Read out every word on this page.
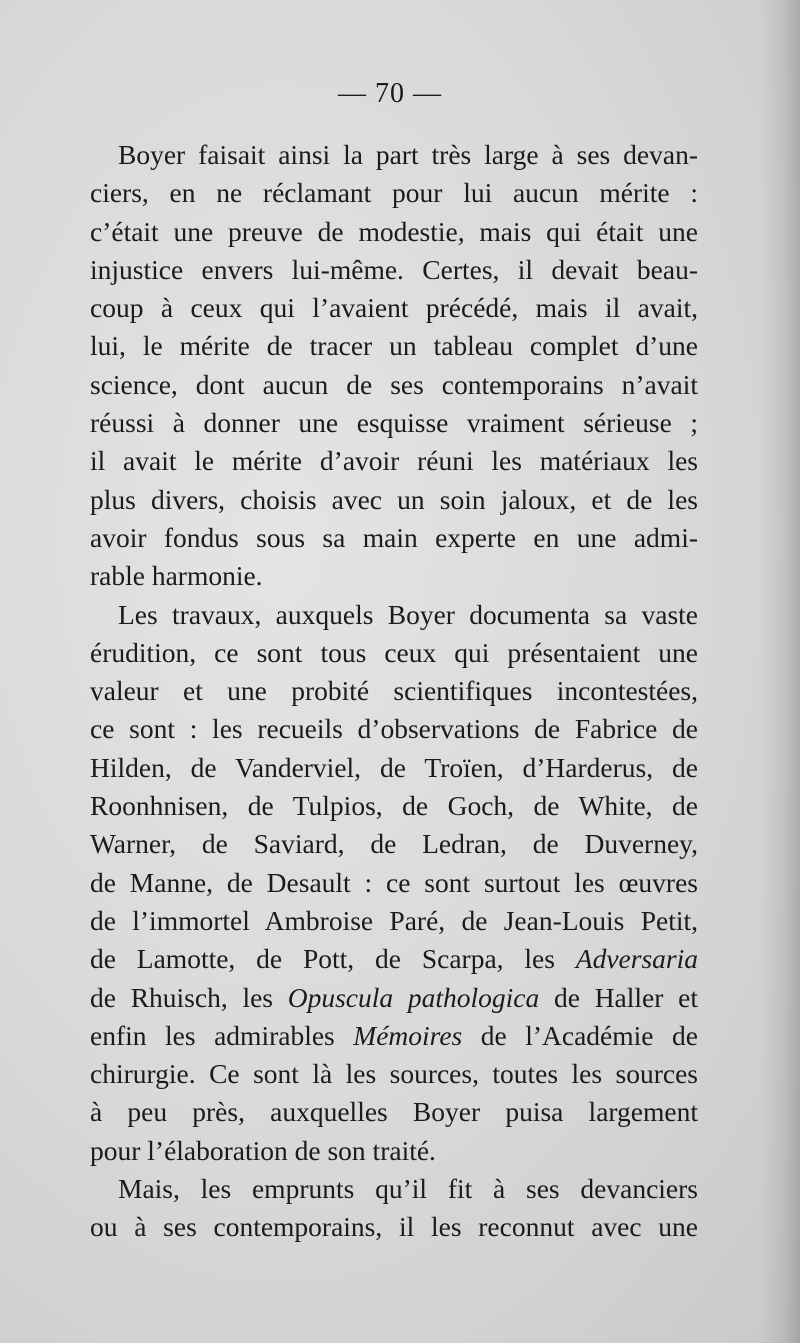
— 70 —
Boyer faisait ainsi la part très large à ses devan-
ciers, en ne réclamant pour lui aucun mérite :
c’était une preuve de modestie, mais qui était une
injustice envers lui-même. Certes, il devait beau-
coup à ceux qui l’avaient précédé, mais il avait,
lui, le mérite de tracer un tableau complet d’une
science, dont aucun de ses contemporains n’avait
réussi à donner une esquisse vraiment sérieuse ;
il avait le mérite d’avoir réuni les matériaux les
plus divers, choisis avec un soin jaloux, et de les
avoir fondus sous sa main experte en une admi-
rable harmonie.
Les travaux, auxquels Boyer documenta sa vaste
érudition, ce sont tous ceux qui présentaient une
valeur et une probité scientifiques incontestées,
ce sont : les recueils d’observations de Fabrice de
Hilden, de Vanderviel, de Troïen, d’Harderus, de
Roonhnisen, de Tulpios, de Goch, de White, de
Warner, de Saviard, de Ledran, de Duverney,
de Manne, de Desault : ce sont surtout les œuvres
de l’immortel Ambroise Paré, de Jean-Louis Petit,
de Lamotte, de Pott, de Scarpa, les Adversaria
de Rhuisch, les Opuscula pathologica de Haller et
enfin les admirables Mémoires de l’Académie de
chirurgie. Ce sont là les sources, toutes les sources
à peu près, auxquelles Boyer puisa largement
pour l’élaboration de son traité.
Mais, les emprunts qu’il fit à ses devanciers
ou à ses contemporains, il les reconnut avec une
